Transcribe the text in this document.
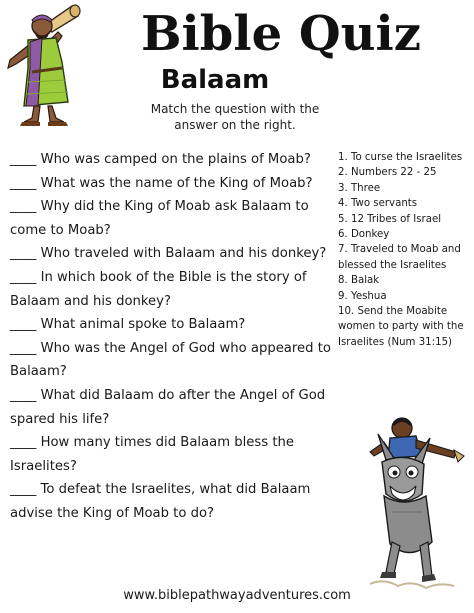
Bible Quiz
Balaam

Match the question with the answer on the right.

____ Who was camped on the plains of Moab?
____ What was the name of the King of Moab?
____ Why did the King of Moab ask Balaam to come to Moab?
____ Who traveled with Balaam and his donkey?
____ In which book of the Bible is the story of Balaam and his donkey?
____ What animal spoke to Balaam?
____ Who was the Angel of God who appeared to Balaam?
____ What did Balaam do after the Angel of God spared his life?
____ How many times did Balaam bless the Israelites?
____ To defeat the Israelites, what did Balaam advise the King of Moab to do?
1. To curse the Israelites
2. Numbers 22 - 25
3. Three
4. Two servants
5. 12 Tribes of Israel
6. Donkey
7. Traveled to Moab and blessed the Israelites
8. Balak
9. Yeshua
10. Send the Moabite women to party with the Israelites (Num 31:15)

www.biblepathwayadventures.com
